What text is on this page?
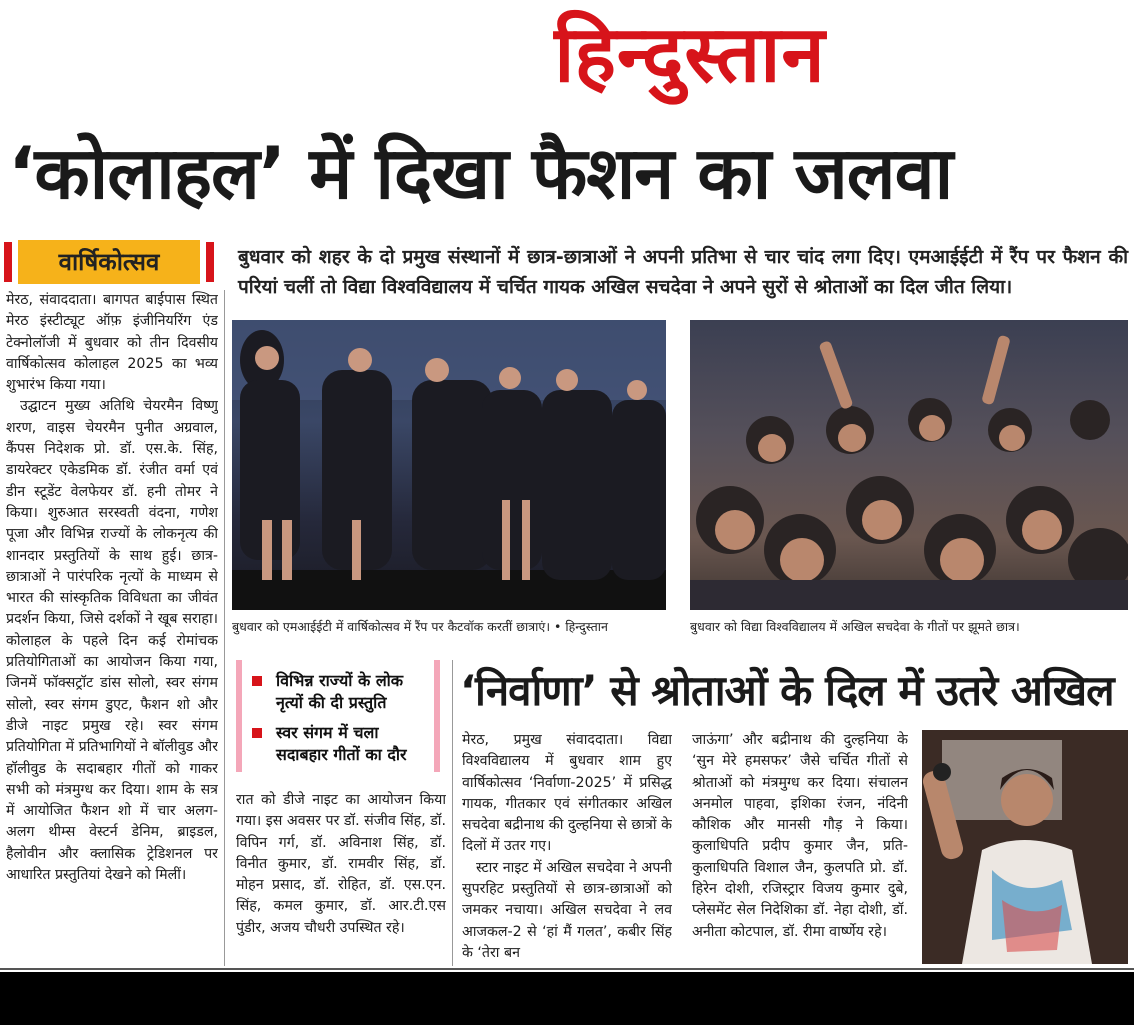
हिन्दुस्तान
‘कोलाहल’ में दिखा फैशन का जलवा
वार्षिकोत्सव	बुधवार को शहर के दो प्रमुख संस्थानों में छात्र-छात्राओं ने अपनी प्रतिभा से चार चांद लगा दिए। एमआईईटी में रैंप पर फैशन की परियां चलीं तो विद्या विश्वविद्यालय में चर्चित गायक अखिल सचदेवा ने अपने सुरों से श्रोताओं का दिल जीत लिया।

मेरठ, संवाददाता। बागपत बाईपास स्थित मेरठ इंस्टीट्यूट ऑफ़ इंजीनियरिंग एंड टेक्नोलॉजी में बुधवार को तीन दिवसीय वार्षिकोत्सव कोलाहल 2025 का भव्य शुभारंभ किया गया।

उद्घाटन मुख्य अतिथि चेयरमैन विष्णु शरण, वाइस चेयरमैन पुनीत अग्रवाल, कैंपस निदेशक प्रो. डॉ. एस.के. सिंह, डायरेक्टर एकेडमिक डॉ. रंजीत वर्मा एवं डीन स्टूडेंट वेलफेयर डॉ. हनी तोमर ने किया। शुरुआत सरस्वती वंदना, गणेश पूजा और विभिन्न राज्यों के लोकनृत्य की शानदार प्रस्तुतियों के साथ हुई। छात्र-छात्राओं ने पारंपरिक नृत्यों के माध्यम से भारत की सांस्कृतिक विविधता का जीवंत प्रदर्शन किया, जिसे दर्शकों ने खूब सराहा। कोलाहल के पहले दिन कई रोमांचक प्रतियोगिताओं का आयोजन किया गया, जिनमें फॉक्सट्रॉट डांस सोलो, स्वर संगम सोलो, स्वर संगम डुएट, फैशन शो और डीजे नाइट प्रमुख रहे। स्वर संगम प्रतियोगिता में प्रतिभागियों ने बॉलीवुड और हॉलीवुड के सदाबहार गीतों को गाकर सभी को मंत्रमुग्ध कर दिया। शाम के सत्र में आयोजित फैशन शो में चार अलग-अलग थीम्स वेस्टर्न डेनिम, ब्राइडल, हैलोवीन और क्लासिक ट्रेडिशनल पर आधारित प्रस्तुतियां देखने को मिलीं।

बुधवार को एमआईईटी में वार्षिकोत्सव में रैंप पर कैटवॉक करतीं छात्राएं। • हिन्दुस्तान	बुधवार को विद्या विश्वविद्यालय में अखिल सचदेवा के गीतों पर झूमते छात्र।
विभिन्न राज्यों के लोक नृत्यों की दी प्रस्तुति
स्वर संगम में चला सदाबहार गीतों का दौर

रात को डीजे नाइट का आयोजन किया गया। इस अवसर पर डॉ. संजीव सिंह, डॉ. विपिन गर्ग, डॉ. अविनाश सिंह, डॉ. विनीत कुमार, डॉ. रामवीर सिंह, डॉ. मोहन प्रसाद, डॉ. रोहित, डॉ. एस.एन. सिंह, कमल कुमार, डॉ. आर.टी.एस पुंडीर, अजय चौधरी उपस्थित रहे।

‘निर्वाणा’ से श्रोताओं के दिल में उतरे अखिल

मेरठ, प्रमुख संवाददाता। विद्या विश्वविद्यालय में बुधवार शाम हुए वार्षिकोत्सव ‘निर्वाणा-2025’ में प्रसिद्ध गायक, गीतकार एवं संगीतकार अखिल सचदेवा बद्रीनाथ की दुल्हनिया से छात्रों के दिलों में उतर गए।

स्टार नाइट में अखिल सचदेवा ने अपनी सुपरहिट प्रस्तुतियों से छात्र-छात्राओं को जमकर नचाया। अखिल सचदेवा ने लव आजकल-2 से ‘हां मैं गलत’, कबीर सिंह के ‘तेरा बन

जाऊंगा’ और बद्रीनाथ की दुल्हनिया के ‘सुन मेरे हमसफर’ जैसे चर्चित गीतों से श्रोताओं को मंत्रमुग्ध कर दिया। संचालन अनमोल पाहवा, इशिका रंजन, नंदिनी कौशिक और मानसी गौड़ ने किया। कुलाधिपति प्रदीप कुमार जैन, प्रति- कुलाधिपति विशाल जैन, कुलपति प्रो. डॉ. हिरेन दोशी, रजिस्ट्रार विजय कुमार दुबे, प्लेसमेंट सेल निदेशिका डॉ. नेहा दोशी, डॉ. अनीता कोटपाल, डॉ. रीमा वार्ष्णेय रहे।
